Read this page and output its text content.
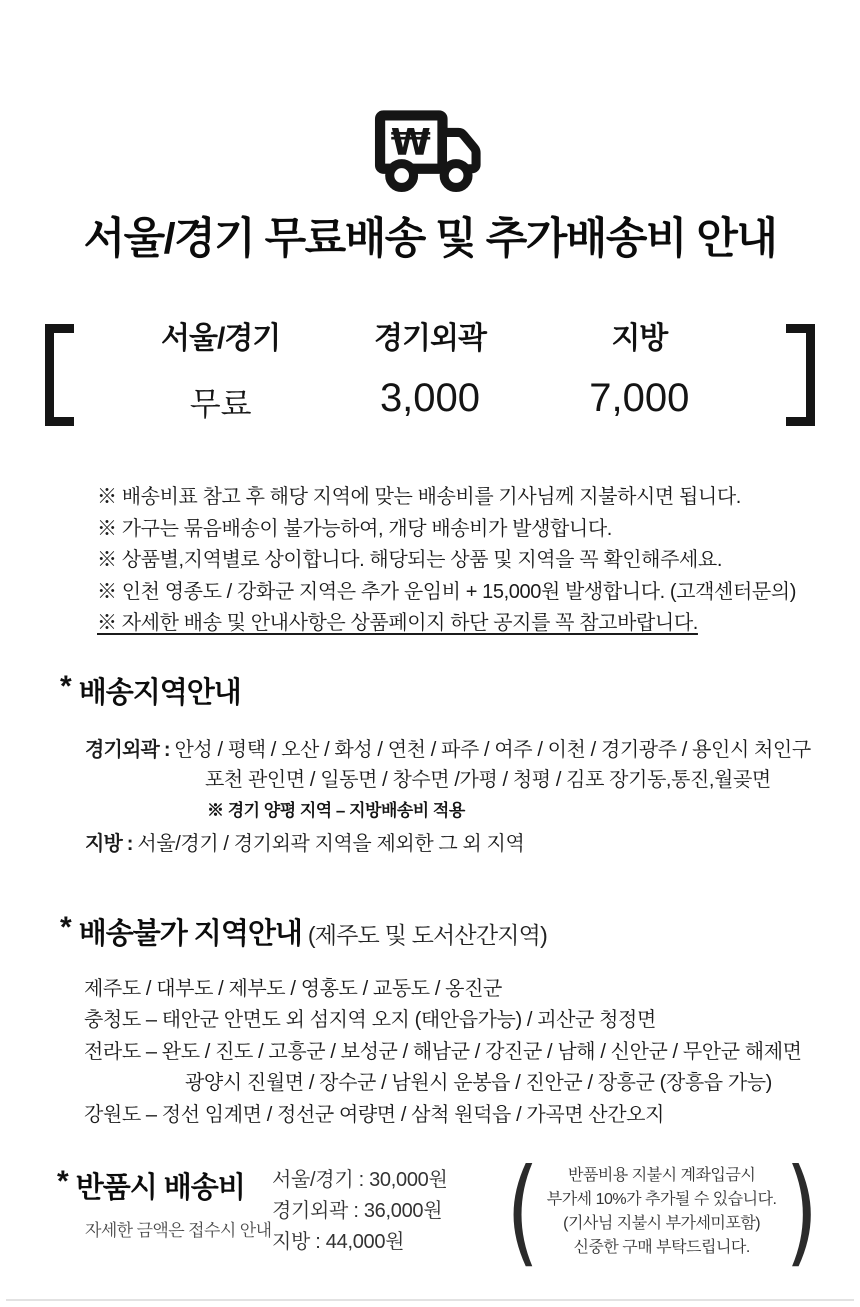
₩
서울/경기 무료배송 및 추가배송비 안내
서울/경기
무료
경기외곽
3,000
지방
7,000
※ 배송비표 참고 후 해당 지역에 맞는 배송비를 기사님께 지불하시면 됩니다.
※ 가구는 묶음배송이 불가능하여, 개당 배송비가 발생합니다.
※ 상품별,지역별로 상이합니다. 해당되는 상품 및 지역을 꼭 확인해주세요.
※ 인천 영종도 / 강화군 지역은 추가 운임비 + 15,000원 발생합니다. (고객센터문의)
※ 자세한 배송 및 안내사항은 상품페이지 하단 공지를 꼭 참고바랍니다.
* 배송지역안내
경기외곽 : 안성 / 평택 / 오산 / 화성 / 연천 / 파주 / 여주 / 이천 / 경기광주 / 용인시 처인구
포천 관인면 / 일동면 / 창수면 /가평 / 청평 / 김포 장기동,통진,월곶면
※ 경기 양평 지역 – 지방배송비 적용
지방 : 서울/경기 / 경기외곽 지역을 제외한 그 외 지역
* 배송불가 지역안내 (제주도 및 도서산간지역)
제주도 / 대부도 / 제부도 / 영홍도 / 교동도 / 옹진군
충청도 – 태안군 안면도 외 섬지역 오지 (태안읍가능) / 괴산군 청정면
전라도 – 완도 / 진도 / 고흥군 / 보성군 / 해남군 / 강진군 / 남해 / 신안군 / 무안군 해제면
광양시 진월면 / 장수군 / 남원시 운봉읍 / 진안군 / 장흥군 (장흥읍 가능)
강원도 – 정선 임계면 / 정선군 여량면 / 삼척 원덕읍 / 가곡면 산간오지
* 반품시 배송비
자세한 금액은 접수시 안내
서울/경기 : 30,000원
경기외곽 : 36,000원
지방 : 44,000원 (	반품비용 지불시 계좌입금시
부가세 10%가 추가될 수 있습니다.
(기사님 지불시 부가세미포함)
신중한 구매 부탁드립니다. )
